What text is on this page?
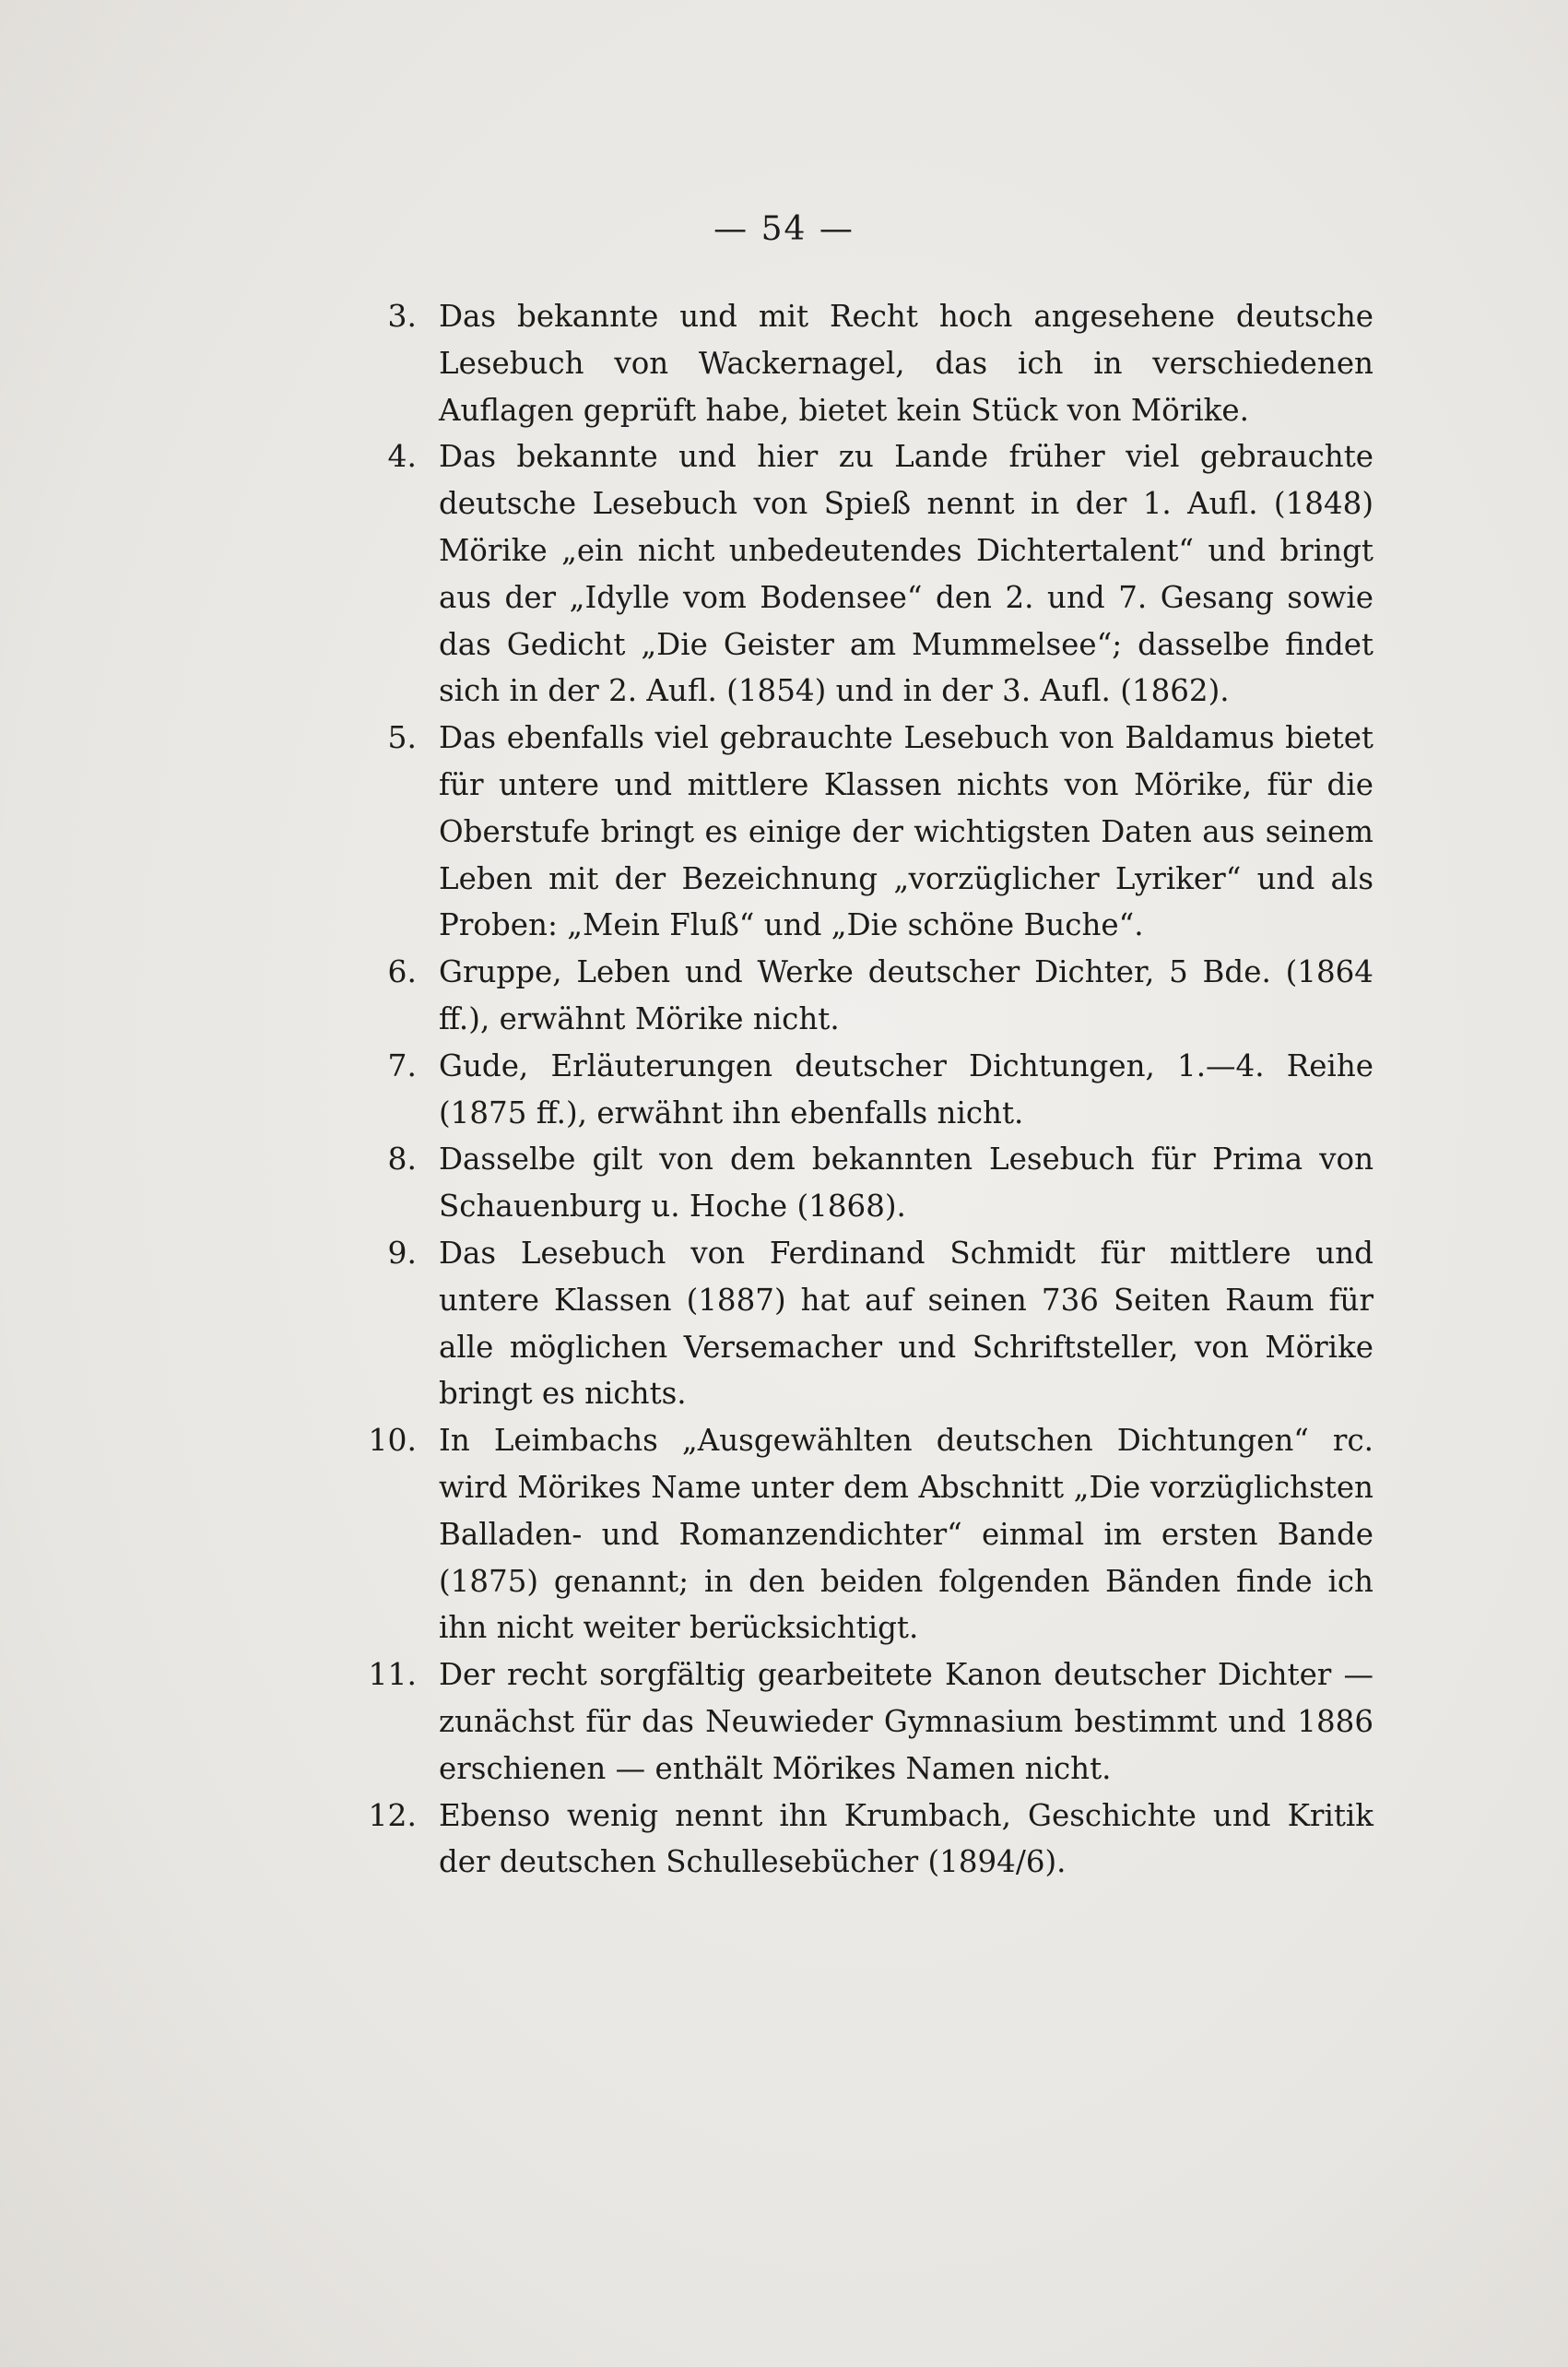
— 54 —
3. Das bekannte und mit Recht hoch angesehene deutsche Lesebuch von Wackernagel, das ich in verschiedenen Auflagen geprüft habe, bietet kein Stück von Mörike.
4. Das bekannte und hier zu Lande früher viel gebrauchte deutsche Lesebuch von Spieß nennt in der 1. Aufl. (1848) Mörike „ein nicht unbedeutendes Dichtertalent“ und bringt aus der „Idylle vom Bodensee“ den 2. und 7. Gesang sowie das Gedicht „Die Geister am Mummelsee“; dasselbe findet sich in der 2. Aufl. (1854) und in der 3. Aufl. (1862).
5. Das ebenfalls viel gebrauchte Lesebuch von Baldamus bietet für untere und mittlere Klassen nichts von Mörike, für die Oberstufe bringt es einige der wichtigsten Daten aus seinem Leben mit der Bezeichnung „vorzüglicher Lyriker“ und als Proben: „Mein Fluß“ und „Die schöne Buche“.
6. Gruppe, Leben und Werke deutscher Dichter, 5 Bde. (1864 ff.), erwähnt Mörike nicht.
7. Gude, Erläuterungen deutscher Dichtungen, 1.—4. Reihe (1875 ff.), erwähnt ihn ebenfalls nicht.
8. Dasselbe gilt von dem bekannten Lesebuch für Prima von Schauenburg u. Hoche (1868).
9. Das Lesebuch von Ferdinand Schmidt für mittlere und untere Klassen (1887) hat auf seinen 736 Seiten Raum für alle möglichen Versemacher und Schriftsteller, von Mörike bringt es nichts.
10. In Leimbachs „Ausgewählten deutschen Dichtungen“ rc. wird Mörikes Name unter dem Abschnitt „Die vorzüglichsten Balladen- und Romanzendichter“ einmal im ersten Bande (1875) genannt; in den beiden folgenden Bänden finde ich ihn nicht weiter berücksichtigt.
11. Der recht sorgfältig gearbeitete Kanon deutscher Dichter — zunächst für das Neuwieder Gymnasium bestimmt und 1886 erschienen — enthält Mörikes Namen nicht.
12. Ebenso wenig nennt ihn Krumbach, Geschichte und Kritik der deutschen Schullesebücher (1894/6).
